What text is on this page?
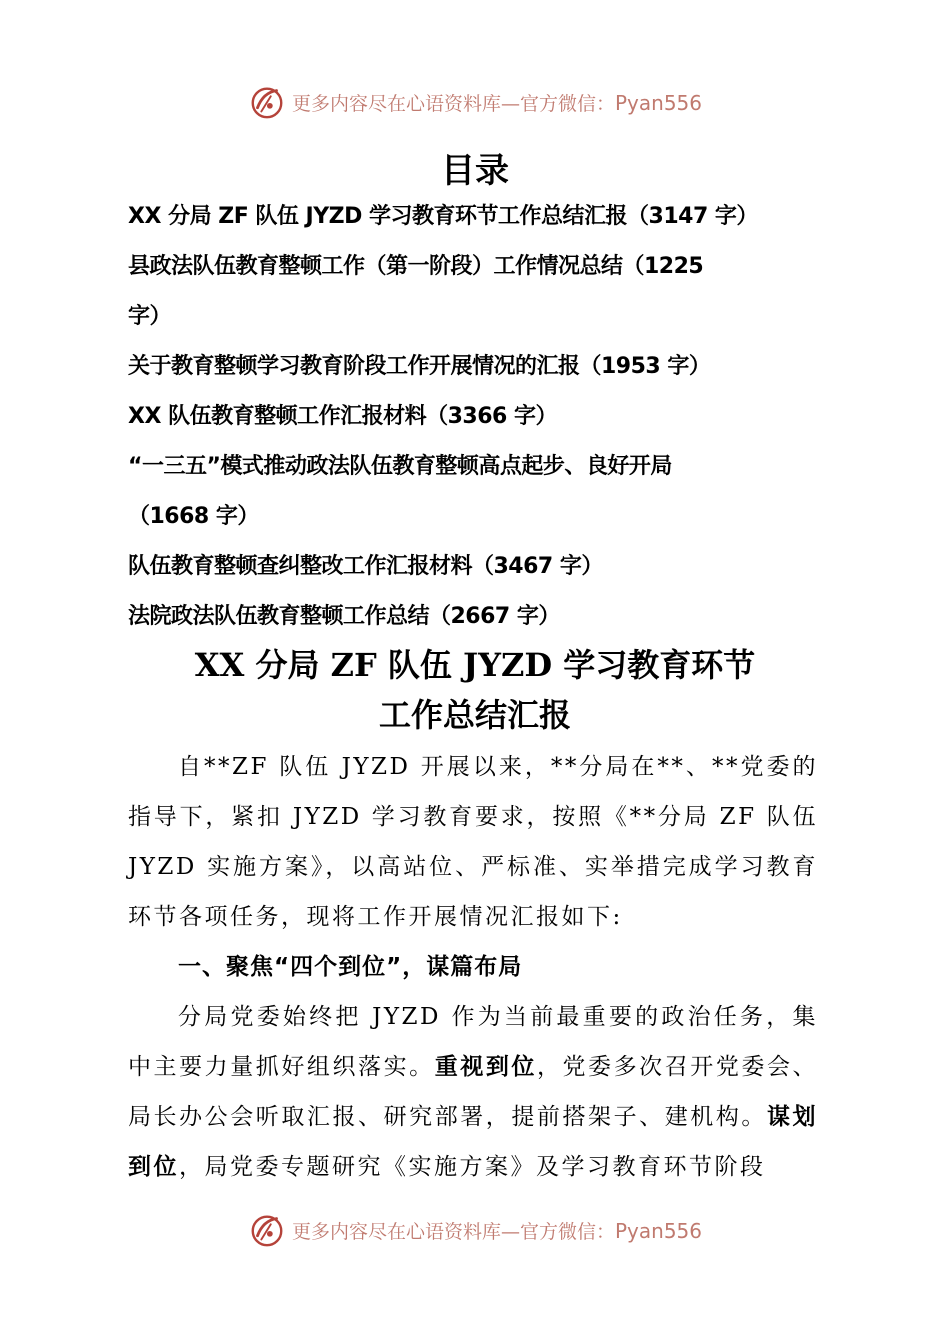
更多内容尽在心语资料库—官方微信：Pyan556
目录
XX 分局 ZF 队伍 JYZD 学习教育环节工作总结汇报（3147 字）
县政法队伍教育整顿工作（第一阶段）工作情况总结（1225
字）
关于教育整顿学习教育阶段工作开展情况的汇报（1953 字）
XX 队伍教育整顿工作汇报材料（3366 字）
“一三五”模式推动政法队伍教育整顿高点起步、良好开局
（1668 字）
队伍教育整顿查纠整改工作汇报材料（3467 字）
法院政法队伍教育整顿工作总结（2667 字）
XX 分局 ZF 队伍 JYZD 学习教育环节
工作总结汇报

自**ZF 队伍 JYZD 开展以来，**分局在**、**党委的指导下，紧扣 JYZD 学习教育要求，按照《**分局 ZF 队伍 JYZD 实施方案》，以高站位、严标准、实举措完成学习教育环节各项任务，现将工作开展情况汇报如下:

一、聚焦“四个到位”，谋篇布局

分局党委始终把 JYZD 作为当前最重要的政治任务，集中主要力量抓好组织落实。重视到位，党委多次召开党委会、局长办公会听取汇报、研究部署，提前搭架子、建机构。谋划到位，局党委专题研究《实施方案》及学习教育环节阶段

更多内容尽在心语资料库—官方微信：Pyan556
